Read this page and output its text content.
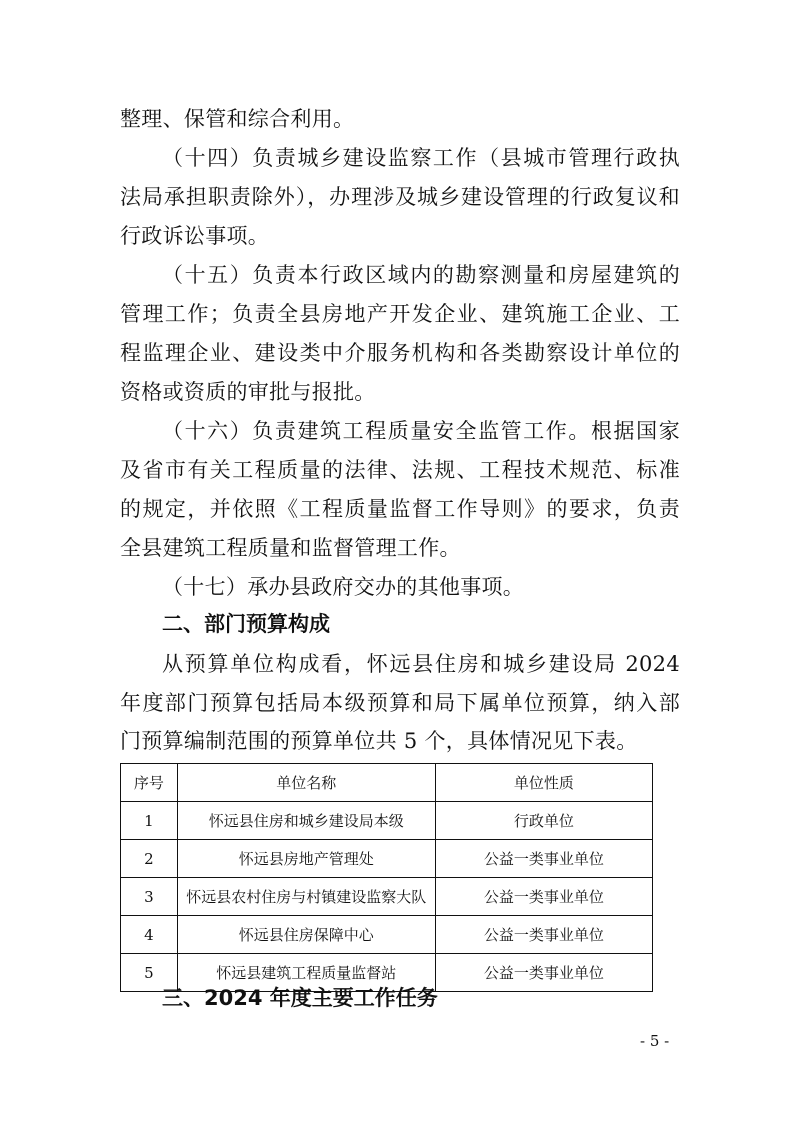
整理、保管和综合利用。
（十四）负责城乡建设监察工作（县城市管理行政执
法局承担职责除外），办理涉及城乡建设管理的行政复议和
行政诉讼事项。
（十五）负责本行政区域内的勘察测量和房屋建筑的
管理工作；负责全县房地产开发企业、建筑施工企业、工
程监理企业、建设类中介服务机构和各类勘察设计单位的
资格或资质的审批与报批。
（十六）负责建筑工程质量安全监管工作。根据国家
及省市有关工程质量的法律、法规、工程技术规范、标准
的规定，并依照《工程质量监督工作导则》的要求，负责
全县建筑工程质量和监督管理工作。
（十七）承办县政府交办的其他事项。
二、部门预算构成
从预算单位构成看，怀远县住房和城乡建设局 2024
年度部门预算包括局本级预算和局下属单位预算，纳入部
门预算编制范围的预算单位共 5 个，具体情况见下表。
序号	单位名称	单位性质
1	怀远县住房和城乡建设局本级	行政单位
2	怀远县房地产管理处	公益一类事业单位
3	怀远县农村住房与村镇建设监察大队	公益一类事业单位
4	怀远县住房保障中心	公益一类事业单位
5	怀远县建筑工程质量监督站	公益一类事业单位
三、2024 年度主要工作任务
- 5 -
